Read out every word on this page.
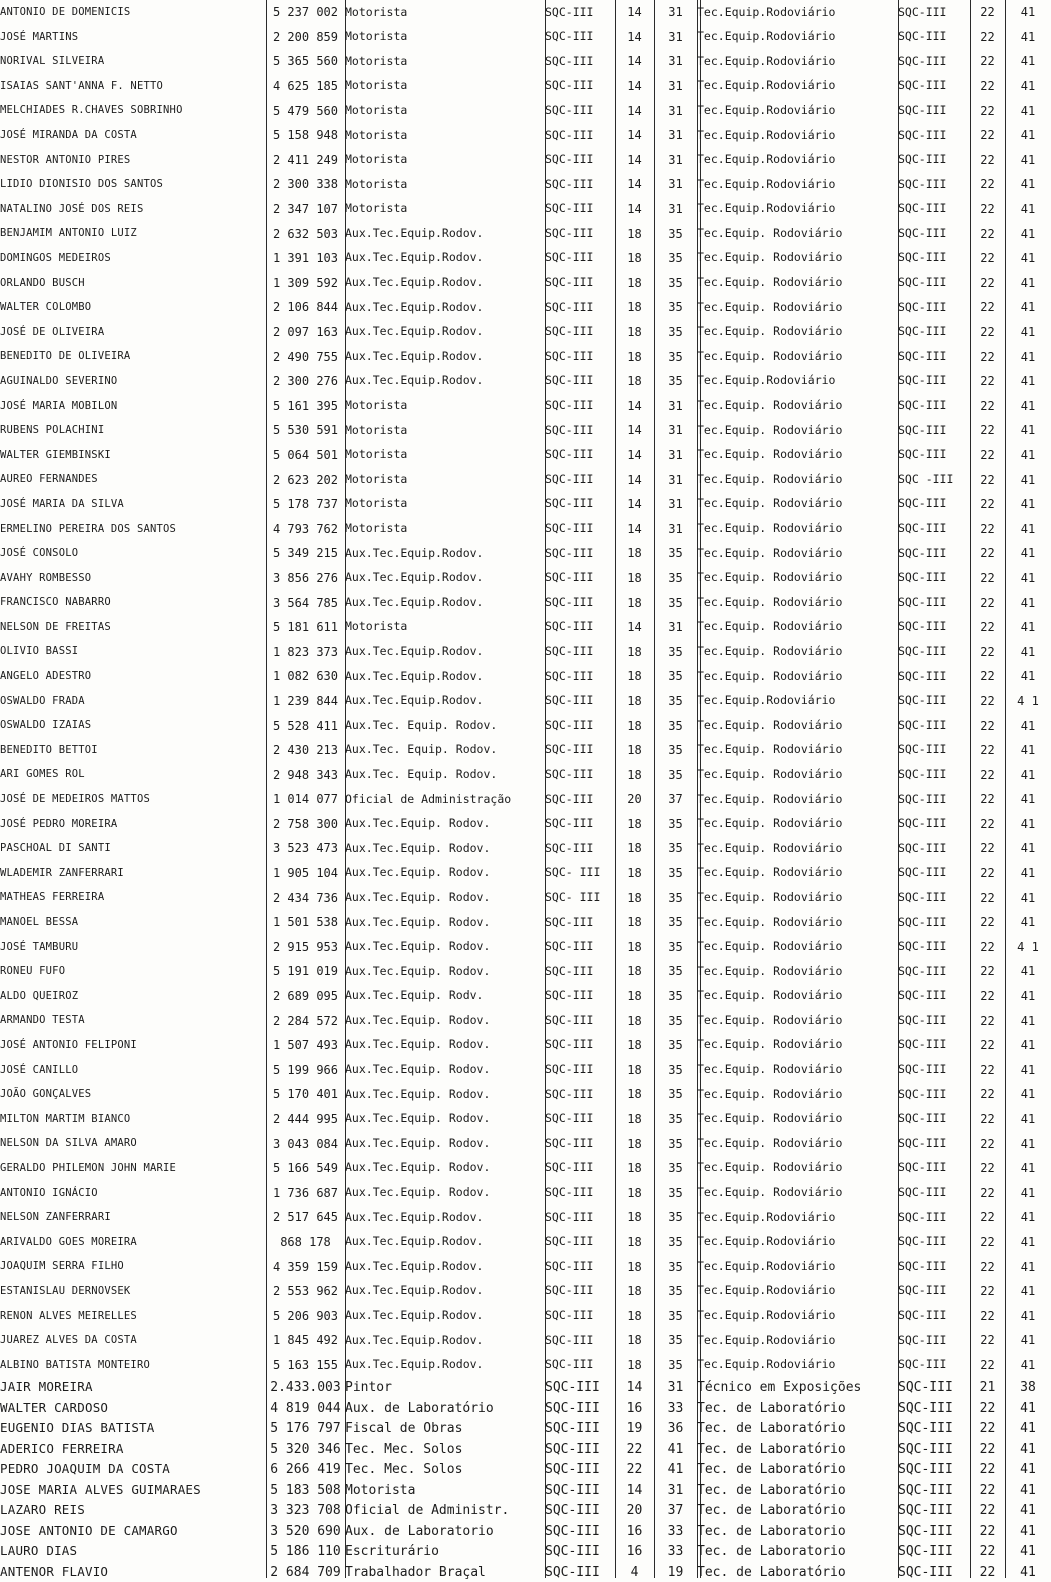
ANTONIO DE DOMENICIS	5 237 002	Motorista	SQC-III	14	31	Tec.Equip.Rodoviário	SQC-III	22	41
JOSÉ MARTINS	2 200 859	Motorista	SQC-III	14	31	Tec.Equip.Rodoviário	SQC-III	22	41
NORIVAL SILVEIRA	5 365 560	Motorista	SQC-III	14	31	Tec.Equip.Rodoviário	SQC-III	22	41
ISAIAS SANT'ANNA F. NETTO	4 625 185	Motorista	SQC-III	14	31	Tec.Equip.Rodoviário	SQC-III	22	41
MELCHIADES R.CHAVES SOBRINHO	5 479 560	Motorista	SQC-III	14	31	Tec.Equip.Rodoviário	SQC-III	22	41
JOSÉ MIRANDA DA COSTA	5 158 948	Motorista	SQC-III	14	31	Tec.Equip.Rodoviário	SQC-III	22	41
NESTOR ANTONIO PIRES	2 411 249	Motorista	SQC-III	14	31	Tec.Equip.Rodoviário	SQC-III	22	41
LIDIO DIONISIO DOS SANTOS	2 300 338	Motorista	SQC-III	14	31	Tec.Equip.Rodoviário	SQC-III	22	41
NATALINO JOSÉ DOS REIS	2 347 107	Motorista	SQC-III	14	31	Tec.Equip.Rodoviário	SQC-III	22	41
BENJAMIM ANTONIO LUIZ	2 632 503	Aux.Tec.Equip.Rodov.	SQC-III	18	35	Tec.Equip. Rodoviário	SQC-III	22	41
DOMINGOS MEDEIROS	1 391 103	Aux.Tec.Equip.Rodov.	SQC-III	18	35	Tec.Equip. Rodoviário	SQC-III	22	41
ORLANDO BUSCH	1 309 592	Aux.Tec.Equip.Rodov.	SQC-III	18	35	Tec.Equip. Rodoviário	SQC-III	22	41
WALTER COLOMBO	2 106 844	Aux.Tec.Equip.Rodov.	SQC-III	18	35	Tec.Equip. Rodoviário	SQC-III	22	41
JOSÉ DE OLIVEIRA	2 097 163	Aux.Tec.Equip.Rodov.	SQC-III	18	35	Tec.Equip. Rodoviário	SQC-III	22	41
BENEDITO DE OLIVEIRA	2 490 755	Aux.Tec.Equip.Rodov.	SQC-III	18	35	Tec.Equip. Rodoviário	SQC-III	22	41
AGUINALDO SEVERINO	2 300 276	Aux.Tec.Equip.Rodov.	SQC-III	18	35	Tec.Equip.Rodoviário	SQC-III	22	41
JOSÉ MARIA MOBILON	5 161 395	Motorista	SQC-III	14	31	Tec.Equip. Rodoviário	SQC-III	22	41
RUBENS POLACHINI	5 530 591	Motorista	SQC-III	14	31	Tec.Equip. Rodoviário	SQC-III	22	41
WALTER GIEMBINSKI	5 064 501	Motorista	SQC-III	14	31	Tec.Equip. Rodoviário	SQC-III	22	41
AUREO FERNANDES	2 623 202	Motorista	SQC-III	14	31	Tec.Equip. Rodoviário	SQC -III	22	41
JOSÉ MARIA DA SILVA	5 178 737	Motorista	SQC-III	14	31	Tec.Equip. Rodoviário	SQC-III	22	41
ERMELINO PEREIRA DOS SANTOS	4 793 762	Motorista	SQC-III	14	31	Tec.Equip. Rodoviário	SQC-III	22	41
JOSÉ CONSOLO	5 349 215	Aux.Tec.Equip.Rodov.	SQC-III	18	35	Tec.Equip. Rodoviário	SQC-III	22	41
AVAHY ROMBESSO	3 856 276	Aux.Tec.Equip.Rodov.	SQC-III	18	35	Tec.Equip. Rodoviário	SQC-III	22	41
FRANCISCO NABARRO	3 564 785	Aux.Tec.Equip.Rodov.	SQC-III	18	35	Tec.Equip. Rodoviário	SQC-III	22	41
NELSON DE FREITAS	5 181 611	Motorista	SQC-III	14	31	Tec.Equip. Rodoviário	SQC-III	22	41
OLIVIO BASSI	1 823 373	Aux.Tec.Equip.Rodov.	SQC-III	18	35	Tec.Equip. Rodoviário	SQC-III	22	41
ANGELO ADESTRO	1 082 630	Aux.Tec.Equip.Rodov.	SQC-III	18	35	Tec.Equip. Rodoviário	SQC-III	22	41
OSWALDO FRADA	1 239 844	Aux.Tec.Equip.Rodov.	SQC-III	18	35	Tec.Equip.Rodoviário	SQC-III	22	4 1
OSWALDO IZAIAS	5 528 411	Aux.Tec. Equip. Rodov.	SQC-III	18	35	Tec.Equip. Rodoviário	SQC-III	22	41
BENEDITO BETTOI	2 430 213	Aux.Tec. Equip. Rodov.	SQC-III	18	35	Tec.Equip. Rodoviário	SQC-III	22	41
ARI GOMES ROL	2 948 343	Aux.Tec. Equip. Rodov.	SQC-III	18	35	Tec.Equip. Rodoviário	SQC-III	22	41
JOSÉ DE MEDEIROS MATTOS	1 014 077	Oficial de Administração	SQC-III	20	37	Tec.Equip. Rodoviário	SQC-III	22	41
JOSÉ PEDRO MOREIRA	2 758 300	Aux.Tec.Equip. Rodov.	SQC-III	18	35	Tec.Equip. Rodoviário	SQC-III	22	41
PASCHOAL DI SANTI	3 523 473	Aux.Tec.Equip. Rodov.	SQC-III	18	35	Tec.Equip. Rodoviário	SQC-III	22	41
WLADEMIR ZANFERRARI	1 905 104	Aux.Tec.Equip. Rodov.	SQC- III	18	35	Tec.Equip. Rodoviário	SQC-III	22	41
MATHEAS FERREIRA	2 434 736	Aux.Tec.Equip. Rodov.	SQC- III	18	35	Tec.Equip. Rodoviário	SQC-III	22	41
MANOEL BESSA	1 501 538	Aux.Tec.Equip. Rodov.	SQC-III	18	35	Tec.Equip. Rodoviário	SQC-III	22	41
JOSÉ TAMBURU	2 915 953	Aux.Tec.Equip. Rodov.	SQC-III	18	35	Tec.Equip. Rodoviário	SQC-III	22	4 1
RONEU FUFO	5 191 019	Aux.Tec.Equip. Rodov.	SQC-III	18	35	Tec.Equip. Rodoviário	SQC-III	22	41
ALDO QUEIROZ	2 689 095	Aux.Tec.Equip. Rodv.	SQC-III	18	35	Tec.Equip. Rodoviário	SQC-III	22	41
ARMANDO TESTA	2 284 572	Aux.Tec.Equip. Rodov.	SQC-III	18	35	Tec.Equip. Rodoviário	SQC-III	22	41
JOSÉ ANTONIO FELIPONI	1 507 493	Aux.Tec.Equip. Rodov.	SQC-III	18	35	Tec.Equip. Rodoviário	SQC-III	22	41
JOSÉ CANILLO	5 199 966	Aux.Tec.Equip. Rodov.	SQC-III	18	35	Tec.Equip. Rodoviário	SQC-III	22	41
JOÃO GONÇALVES	5 170 401	Aux.Tec.Equip. Rodov.	SQC-III	18	35	Tec.Equip. Rodoviário	SQC-III	22	41
MILTON MARTIM BIANCO	2 444 995	Aux.Tec.Equip. Rodov.	SQC-III	18	35	Tec.Equip. Rodoviário	SQC-III	22	41
NELSON DA SILVA AMARO	3 043 084	Aux.Tec.Equip. Rodov.	SQC-III	18	35	Tec.Equip. Rodoviário	SQC-III	22	41
GERALDO PHILEMON JOHN MARIE	5 166 549	Aux.Tec.Equip. Rodov.	SQC-III	18	35	Tec.Equip. Rodoviário	SQC-III	22	41
ANTONIO IGNÁCIO	1 736 687	Aux.Tec.Equip. Rodov.	SQC-III	18	35	Tec.Equip. Rodoviário	SQC-III	22	41
NELSON ZANFERRARI	2 517 645	Aux.Tec.Equip.Rodov.	SQC-III	18	35	Tec.Equip.Rodoviário	SQC-III	22	41
ARIVALDO GOES MOREIRA	868 178	Aux.Tec.Equip.Rodov.	SQC-III	18	35	Tec.Equip.Rodoviário	SQC-III	22	41
JOAQUIM SERRA FILHO	4 359 159	Aux.Tec.Equip.Rodov.	SQC-III	18	35	Tec.Equip.Rodoviário	SQC-III	22	41
ESTANISLAU DERNOVSEK	2 553 962	Aux.Tec.Equip.Rodov.	SQC-III	18	35	Tec.Equip.Rodoviário	SQC-III	22	41
RENON ALVES MEIRELLES	5 206 903	Aux.Tec.Equip.Rodov.	SQC-III	18	35	Tec.Equip.Rodoviário	SQC-III	22	41
JUAREZ ALVES DA COSTA	1 845 492	Aux.Tec.Equip.Rodov.	SQC-III	18	35	Tec.Equip.Rodoviário	SQC-III	22	41
ALBINO BATISTA MONTEIRO	5 163 155	Aux.Tec.Equip.Rodov.	SQC-III	18	35	Tec.Equip.Rodoviário	SQC-III	22	41
JAIR MOREIRA	2.433.003	Pintor	SQC-III	14	31	Técnico em Exposições	SQC-III	21	38
WALTER CARDOSO	4 819 044	Aux. de Laboratório	SQC-III	16	33	Tec. de Laboratório	SQC-III	22	41
EUGENIO DIAS BATISTA	5 176 797	Fiscal de Obras	SQC-III	19	36	Tec. de Laboratório	SQC-III	22	41
ADERICO FERREIRA	5 320 346	Tec. Mec. Solos	SQC-III	22	41	Tec. de Laboratório	SQC-III	22	41
PEDRO JOAQUIM DA COSTA	6 266 419	Tec. Mec. Solos	SQC-III	22	41	Tec. de Laboratório	SQC-III	22	41
JOSE MARIA ALVES GUIMARAES	5 183 508	Motorista	SQC-III	14	31	Tec. de Laboratório	SQC-III	22	41
LAZARO REIS	3 323 708	Oficial de Administr.	SQC-III	20	37	Tec. de Laboratório	SQC-III	22	41
JOSE ANTONIO DE CAMARGO	3 520 690	Aux. de Laboratorio	SQC-III	16	33	Tec. de Laboratorio	SQC-III	22	41
LAURO DIAS	5 186 110	Escriturário	SQC-III	16	33	Tec. de Laboratorio	SQC-III	22	41
ANTENOR FLAVIO	2 684 709	Trabalhador Braçal	SQC-III	4	19	Tec. de Laboratório	SQC-III	22	41
